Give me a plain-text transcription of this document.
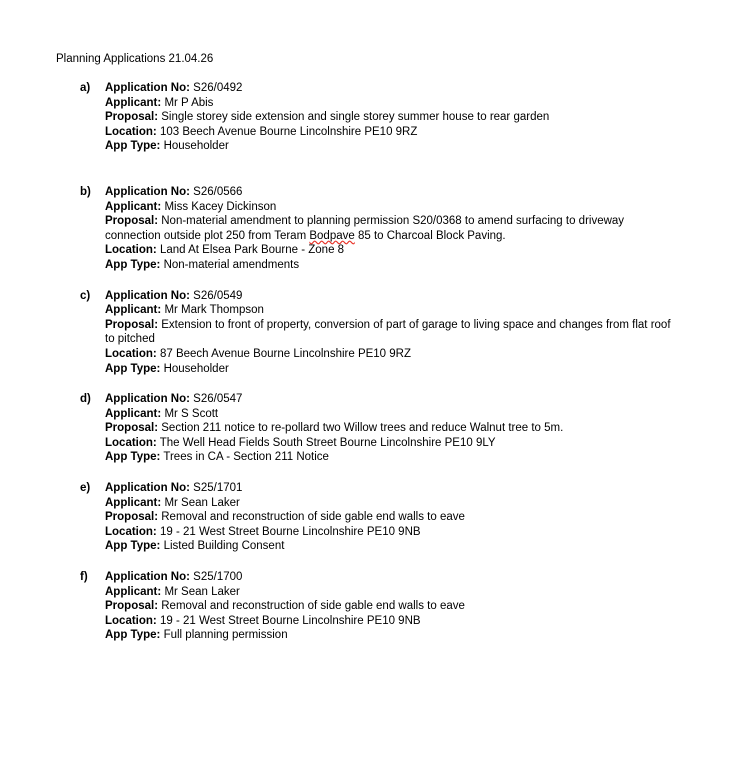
Planning Applications 21.04.26
a)	Application No: S26/0492
Applicant: Mr P Abis
Proposal: Single storey side extension and single storey summer house to rear garden
Location: 103 Beech Avenue Bourne Lincolnshire PE10 9RZ
App Type: Householder
b)	Application No: S26/0566
Applicant: Miss Kacey Dickinson
Proposal: Non-material amendment to planning permission S20/0368 to amend surfacing to driveway connection outside plot 250 from Teram Bodpave 85 to Charcoal Block Paving.
Location: Land At Elsea Park Bourne - Zone 8
App Type: Non-material amendments
c)	Application No: S26/0549
Applicant: Mr Mark Thompson
Proposal: Extension to front of property, conversion of part of garage to living space and changes from flat roof to pitched
Location: 87 Beech Avenue Bourne Lincolnshire PE10 9RZ
App Type: Householder
d)	Application No: S26/0547
Applicant: Mr S Scott
Proposal: Section 211 notice to re-pollard two Willow trees and reduce Walnut tree to 5m.
Location: The Well Head Fields South Street Bourne Lincolnshire PE10 9LY
App Type: Trees in CA - Section 211 Notice
e)	Application No: S25/1701
Applicant: Mr Sean Laker
Proposal: Removal and reconstruction of side gable end walls to eave
Location: 19 - 21 West Street Bourne Lincolnshire PE10 9NB
App Type: Listed Building Consent
f)	Application No: S25/1700
Applicant: Mr Sean Laker
Proposal: Removal and reconstruction of side gable end walls to eave
Location: 19 - 21 West Street Bourne Lincolnshire PE10 9NB
App Type: Full planning permission
